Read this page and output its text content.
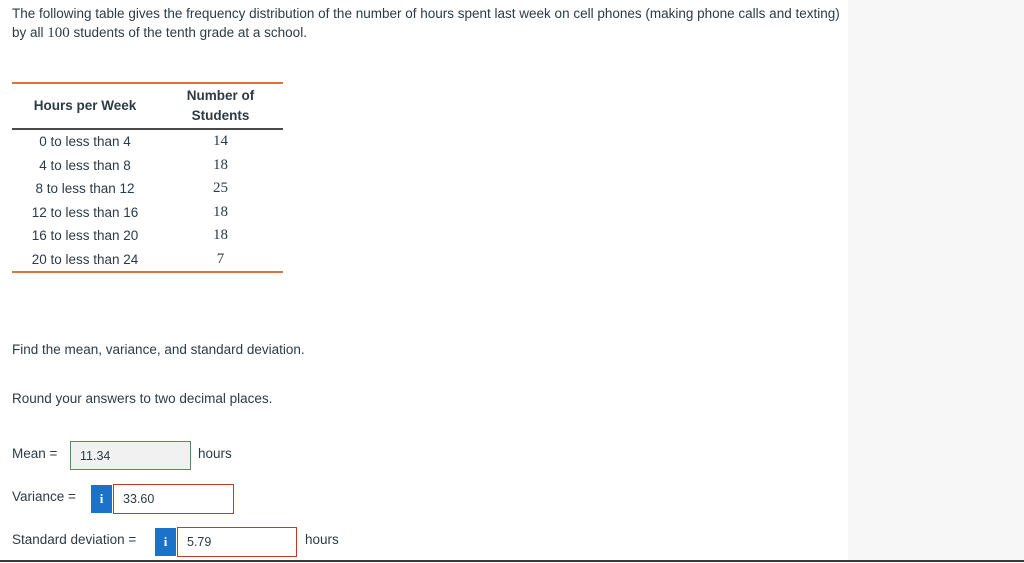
The following table gives the frequency distribution of the number of hours spent last week on cell phones (making phone calls and texting) by all 100 students of the tenth grade at a school.
Hours per Week	Number of
Students
0 to less than 4	14
4 to less than 8	18
8 to less than 12	25
12 to less than 16	18
16 to less than 20	18
20 to less than 24	7
Find the mean, variance, and standard deviation.
Round your answers to two decimal places.
Mean =	11.34	hours
Variance =	i	33.60
Standard deviation =	i	5.79	hours
